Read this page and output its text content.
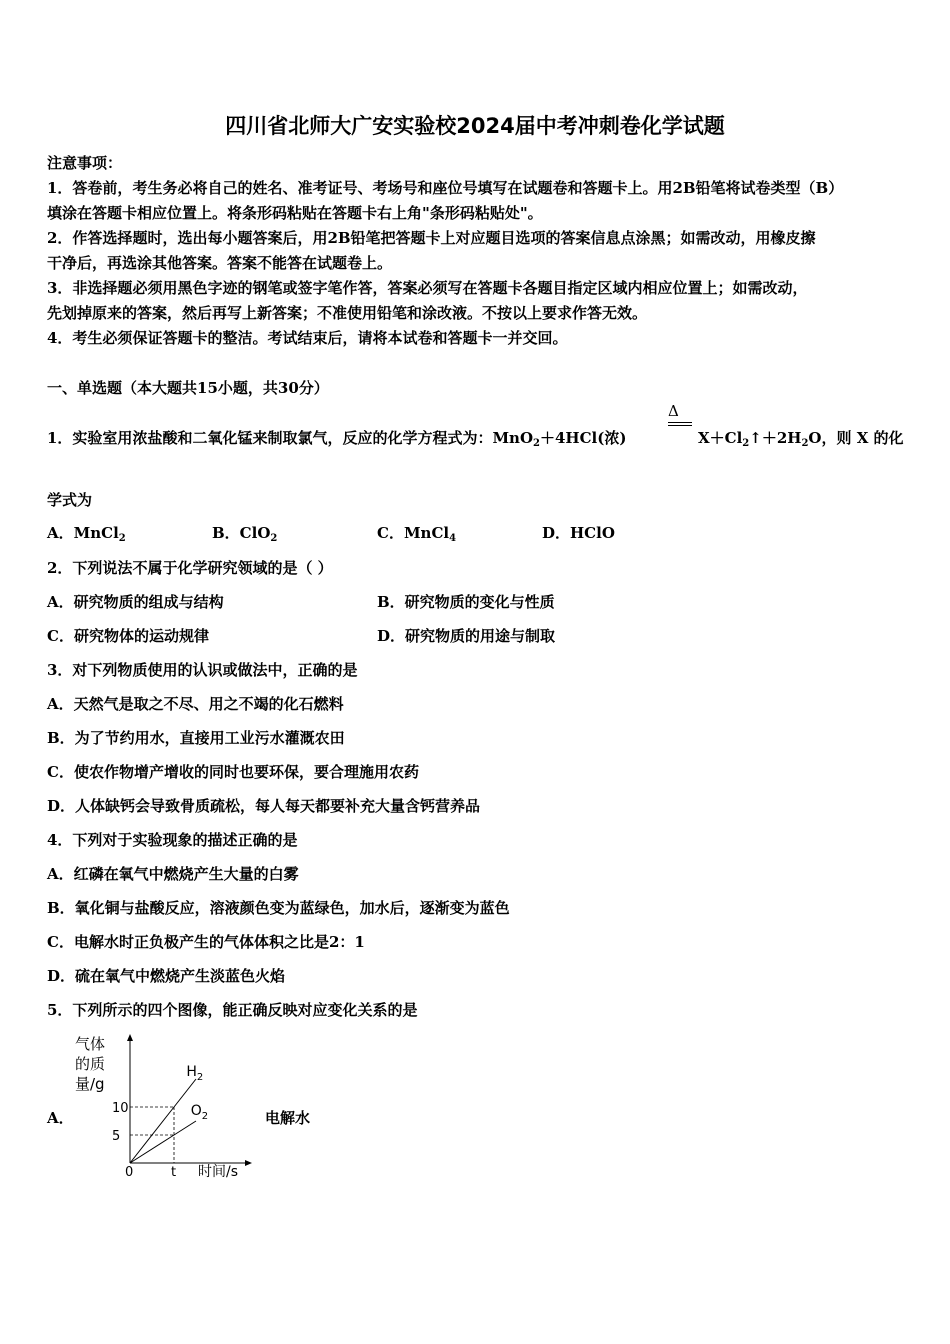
四川省北师大广安实验校2024届中考冲刺卷化学试题
注意事项：
1．答卷前，考生务必将自己的姓名、准考证号、考场号和座位号填写在试题卷和答题卡上。用2B铅笔将试卷类型（B）
填涂在答题卡相应位置上。将条形码粘贴在答题卡右上角"条形码粘贴处"。
2．作答选择题时，选出每小题答案后，用2B铅笔把答题卡上对应题目选项的答案信息点涂黑；如需改动，用橡皮擦
干净后，再选涂其他答案。答案不能答在试题卷上。
3．非选择题必须用黑色字迹的钢笔或签字笔作答，答案必须写在答题卡各题目指定区域内相应位置上；如需改动，
先划掉原来的答案，然后再写上新答案；不准使用铅笔和涂改液。不按以上要求作答无效。
4．考生必须保证答题卡的整洁。考试结束后，请将本试卷和答题卡一并交回。
一、单选题（本大题共15小题，共30分）
1．实验室用浓盐酸和二氧化锰来制取氯气，反应的化学方程式为：MnO$_2$＋4HCl(浓)
Δ
$X+Cl_2↑+2H_2O$，则 X 的化
学式为
A．MnCl$_2$	B．ClO$_2$	C．MnCl$_4$	D．HClO
2．下列说法不属于化学研究领域的是（ ）
A．研究物质的组成与结构	B．研究物质的变化与性质
C．研究物体的运动规律	D．研究物质的用途与制取
3．对下列物质使用的认识或做法中，正确的是
A．天然气是取之不尽、用之不竭的化石燃料
B．为了节约用水，直接用工业污水灌溉农田
C．使农作物增产增收的同时也要环保，要合理施用农药
D．人体缺钙会导致骨质疏松，每人每天都要补充大量含钙营养品
4．下列对于实验现象的描述正确的是
A．红磷在氧气中燃烧产生大量的白雾
B．氧化铜与盐酸反应，溶液颜色变为蓝绿色，加水后，逐渐变为蓝色
C．电解水时正负极产生的气体体积之比是2：1
D．硫在氧气中燃烧产生淡蓝色火焰
5．下列所示的四个图像，能正确反映对应变化关系的是
A．	电解水
气体
的质
量/g
时间/s
0	t
5
10
$H_2$
$O_2$
